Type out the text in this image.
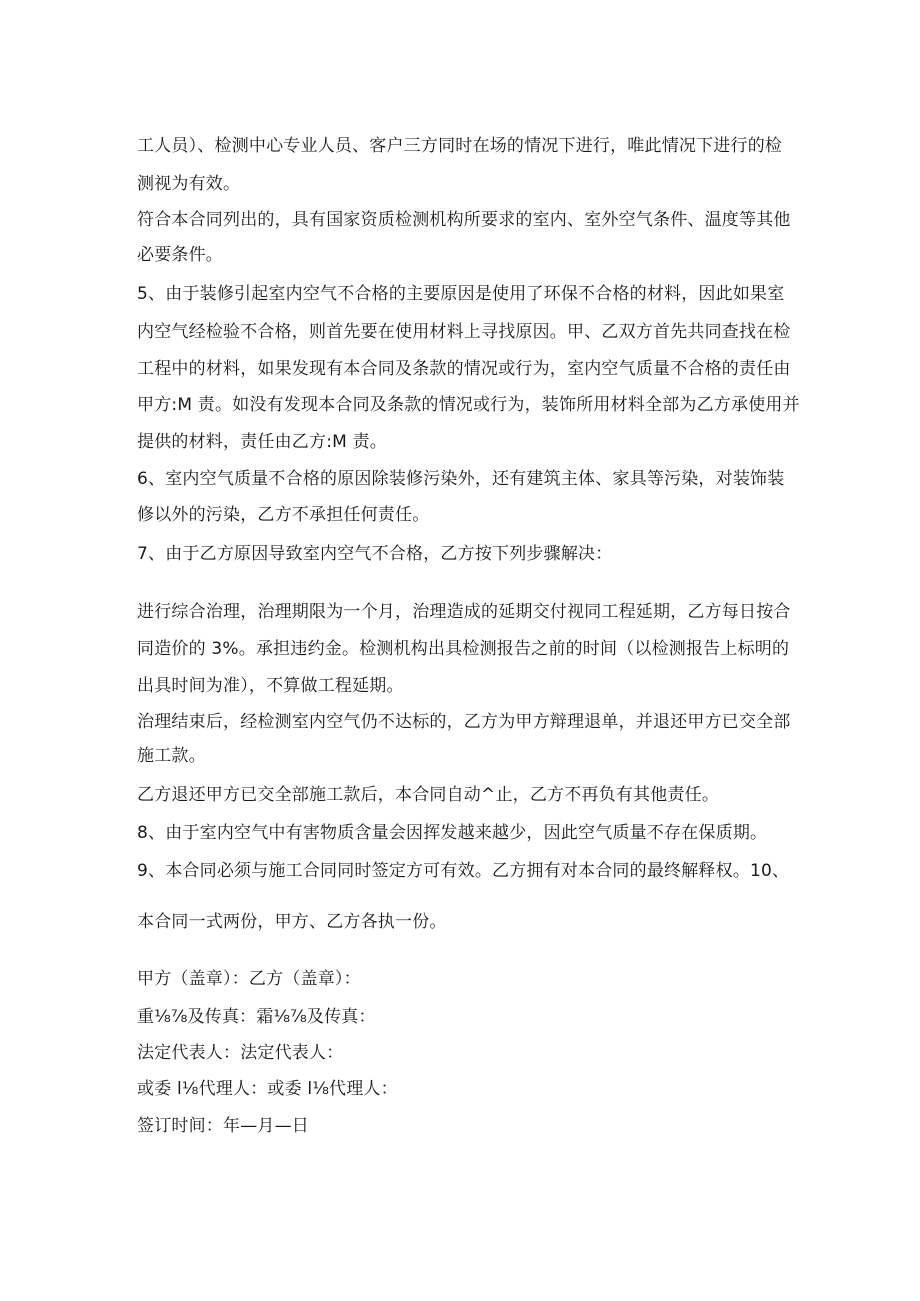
工人员）、检测中心专业人员、客户三方同时在场的情况下进行，唯此情况下进行的检
测视为有效。
符合本合同列出的，具有国家资质检测机构所要求的室内、室外空气条件、温度等其他
必要条件。
5、由于装修引起室内空气不合格的主要原因是使用了环保不合格的材料，因此如果室
内空气经检验不合格，则首先要在使用材料上寻找原因。甲、乙双方首先共同查找在检
工程中的材料，如果发现有本合同及条款的情况或行为，室内空气质量不合格的责任由
甲方:M 责。如没有发现本合同及条款的情况或行为，装饰所用材料全部为乙方承使用并
提供的材料，责任由乙方:M 责。
6、室内空气质量不合格的原因除装修污染外，还有建筑主体、家具等污染，对装饰装
修以外的污染，乙方不承担任何责任。
7、由于乙方原因导致室内空气不合格，乙方按下列步骤解决：
进行综合治理，治理期限为一个月，治理造成的延期交付视同工程延期，乙方每日按合
同造价的 3%。承担违约金。检测机构出具检测报告之前的时间（以检测报告上标明的
出具时间为准），不算做工程延期。
治理结束后，经检测室内空气仍不达标的，乙方为甲方辩理退单，并退还甲方已交全部
施工款。
乙方退还甲方已交全部施工款后，本合同自动^止，乙方不再负有其他责任。
8、由于室内空气中有害物质含量会因挥发越来越少，因此空气质量不存在保质期。
9、本合同必须与施工合同同时签定方可有效。乙方拥有对本合同的最终解释权。10、
本合同一式两份，甲方、乙方各执一份。
甲方（盖章）：乙方（盖章）：
重⅛⅞及传真：霜⅛⅞及传真：
法定代表人：法定代表人：
或委 l⅛代理人：或委 l⅛代理人：
签订时间：年—月—日
